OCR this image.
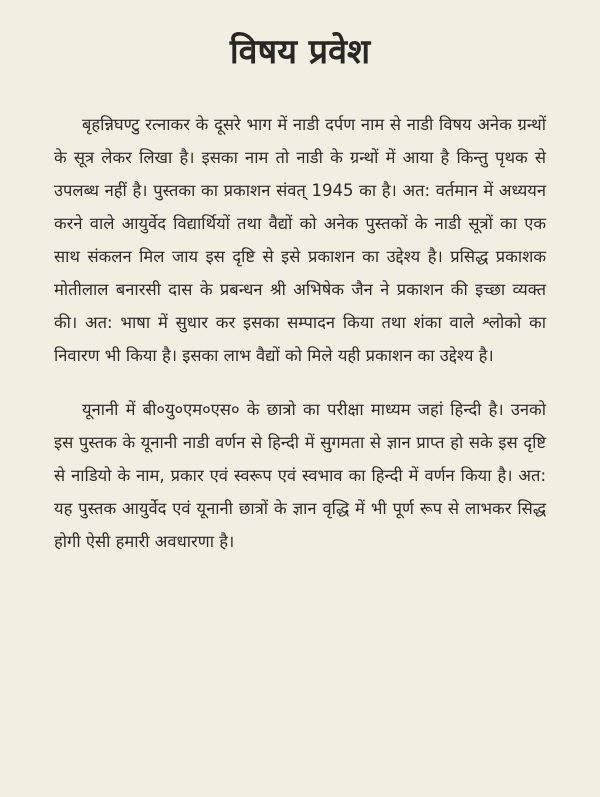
विषय प्रवेश

बृहन्निघण्टु रत्नाकर के दूसरे भाग में नाडी दर्पण नाम से नाडी विषय अनेक ग्रन्थों के सूत्र लेकर लिखा है। इसका नाम तो नाडी के ग्रन्थों में आया है किन्तु पृथक से उपलब्ध नहीं है। पुस्तका का प्रकाशन संवत् 1945 का है। अत: वर्तमान में अध्ययन करने वाले आयुर्वेद विद्यार्थियों तथा वैद्यों को अनेक पुस्तकों के नाडी सूत्रों का एक साथ संकलन मिल जाय इस दृष्टि से इसे प्रकाशन का उद्देश्य है। प्रसिद्ध प्रकाशक मोतीलाल बनारसी दास के प्रबन्धन श्री अभिषेक जैन ने प्रकाशन की इच्छा व्यक्त की। अत: भाषा में सुधार कर इसका सम्पादन किया तथा शंका वाले श्लोको का निवारण भी किया है। इसका लाभ वैद्यों को मिले यही प्रकाशन का उद्देश्य है।

यूनानी में बी०यु०एम०एस० के छात्रो का परीक्षा माध्यम जहां हिन्दी है। उनको इस पुस्तक के यूनानी नाडी वर्णन से हिन्दी में सुगमता से ज्ञान प्राप्त हो सके इस दृष्टि से नाडियो के नाम, प्रकार एवं स्वरूप एवं स्वभाव का हिन्दी में वर्णन किया है। अत: यह पुस्तक आयुर्वेद एवं यूनानी छात्रों के ज्ञान वृद्धि में भी पूर्ण रूप से लाभकर सिद्ध होगी ऐसी हमारी अवधारणा है।
